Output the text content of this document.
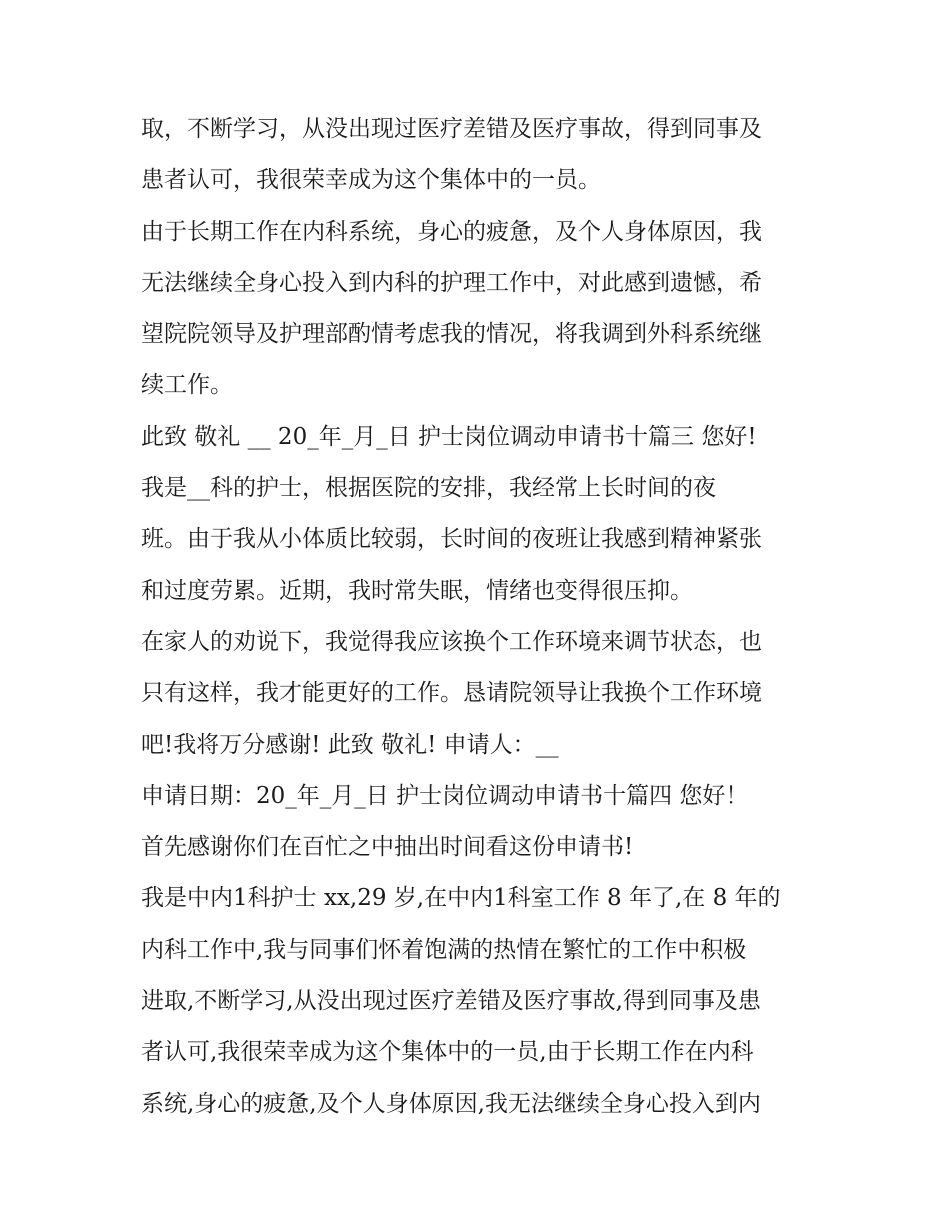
取，不断学习，从没出现过医疗差错及医疗事故，得到同事及
患者认可，我很荣幸成为这个集体中的一员。
由于长期工作在内科系统，身心的疲惫，及个人身体原因，我
无法继续全身心投入到内科的护理工作中，对此感到遗憾，希
望院院领导及护理部酌情考虑我的情况，将我调到外科系统继
续工作。
此致 敬礼 __ 20_年_月_日 护士岗位调动申请书十篇三 您好!
我是__科的护士，根据医院的安排，我经常上长时间的夜
班。由于我从小体质比较弱，长时间的夜班让我感到精神紧张
和过度劳累。近期，我时常失眠，情绪也变得很压抑。
在家人的劝说下，我觉得我应该换个工作环境来调节状态，也
只有这样，我才能更好的工作。恳请院领导让我换个工作环境
吧!我将万分感谢! 此致 敬礼! 申请人：__
申请日期：20_年_月_日 护士岗位调动申请书十篇四 您好！
首先感谢你们在百忙之中抽出时间看这份申请书!
我是中内1科护士 xx,29 岁,在中内1科室工作 8 年了,在 8 年的
内科工作中,我与同事们怀着饱满的热情在繁忙的工作中积极
进取,不断学习,从没出现过医疗差错及医疗事故,得到同事及患
者认可,我很荣幸成为这个集体中的一员,由于长期工作在内科
系统,身心的疲惫,及个人身体原因,我无法继续全身心投入到内
